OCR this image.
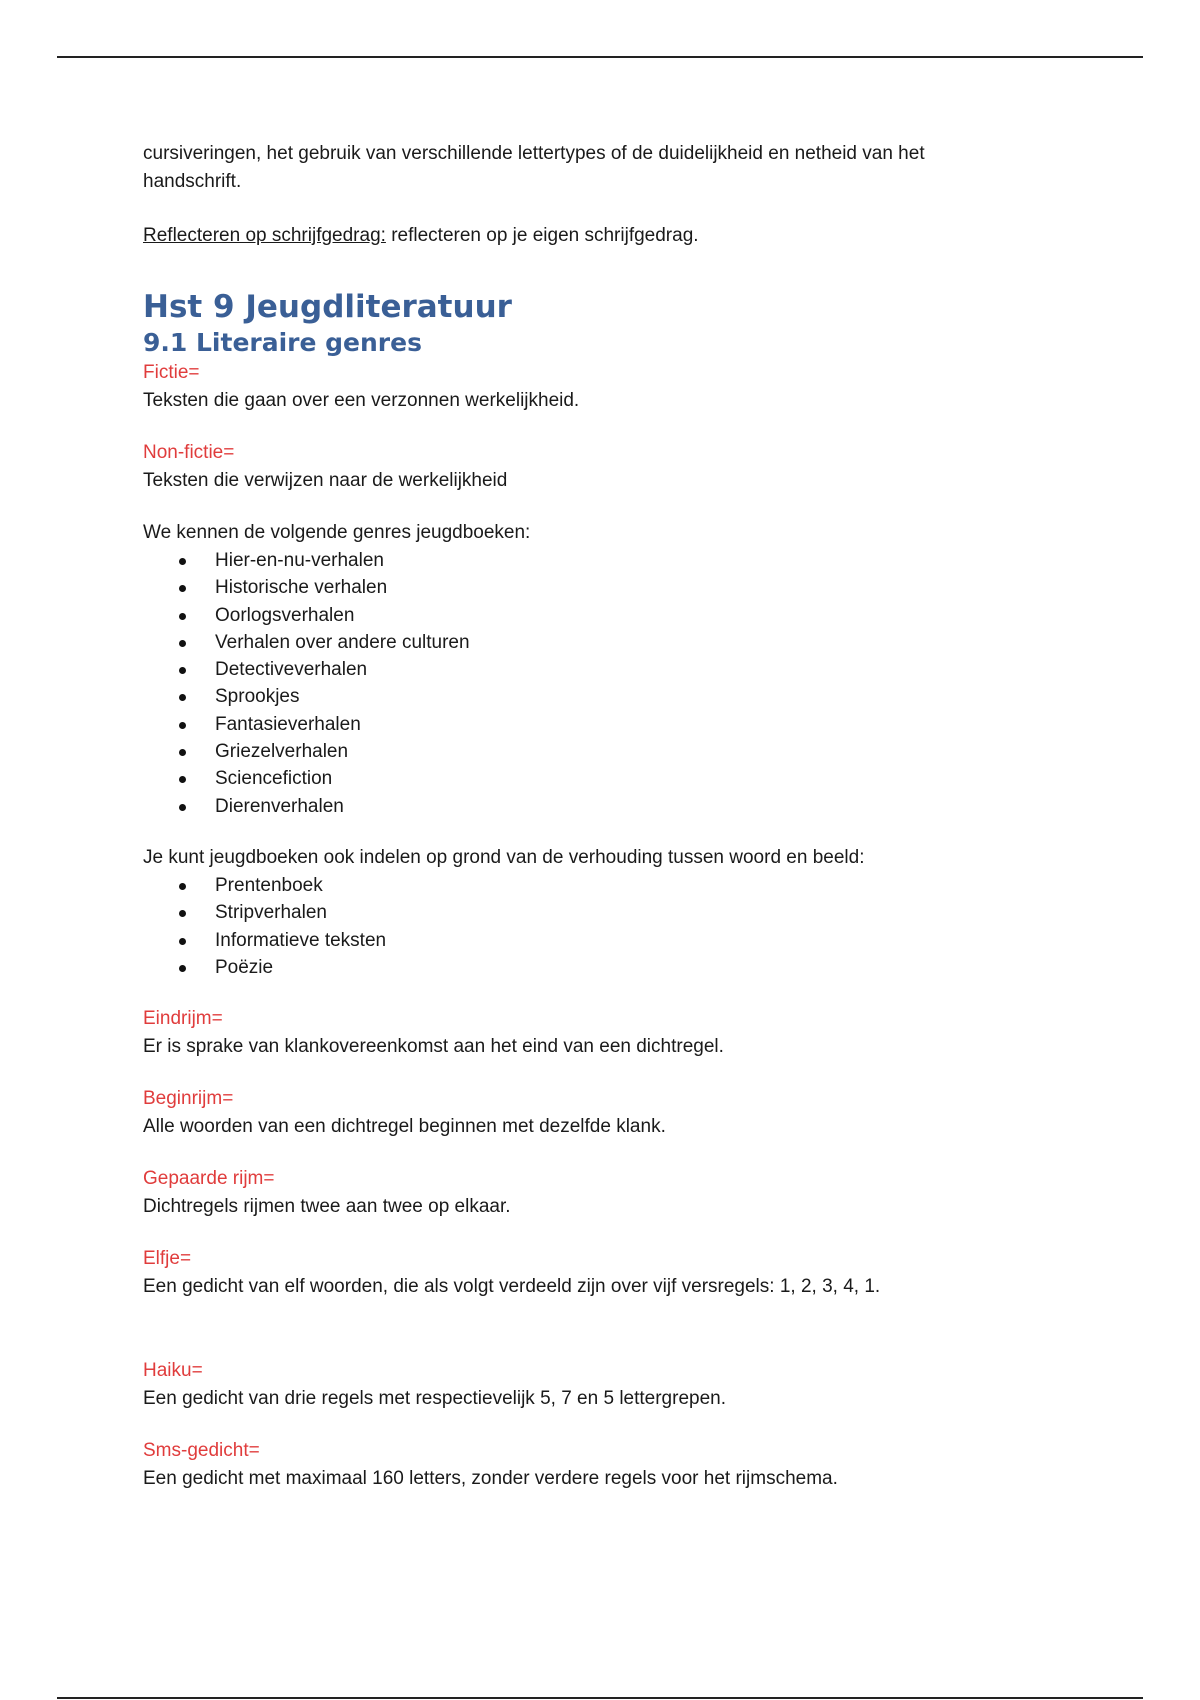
cursiveringen, het gebruik van verschillende lettertypes of de duidelijkheid en netheid van het

handschrift.

Reflecteren op schrijfgedrag: reflecteren op je eigen schrijfgedrag.

Hst 9 Jeugdliteratuur
9.1 Literaire genres

Fictie=

Teksten die gaan over een verzonnen werkelijkheid.

Non-fictie=

Teksten die verwijzen naar de werkelijkheid

We kennen de volgende genres jeugdboeken:

Hier-en-nu-verhalen
Historische verhalen
Oorlogsverhalen
Verhalen over andere culturen
Detectiveverhalen
Sprookjes
Fantasieverhalen
Griezelverhalen
Sciencefiction
Dierenverhalen

Je kunt jeugdboeken ook indelen op grond van de verhouding tussen woord en beeld:

Prentenboek
Stripverhalen
Informatieve teksten
Poëzie

Eindrijm=

Er is sprake van klankovereenkomst aan het eind van een dichtregel.

Beginrijm=

Alle woorden van een dichtregel beginnen met dezelfde klank.

Gepaarde rijm=

Dichtregels rijmen twee aan twee op elkaar.

Elfje=

Een gedicht van elf woorden, die als volgt verdeeld zijn over vijf versregels: 1, 2, 3, 4, 1.

Haiku=

Een gedicht van drie regels met respectievelijk 5, 7 en 5 lettergrepen.

Sms-gedicht=

Een gedicht met maximaal 160 letters, zonder verdere regels voor het rijmschema.
